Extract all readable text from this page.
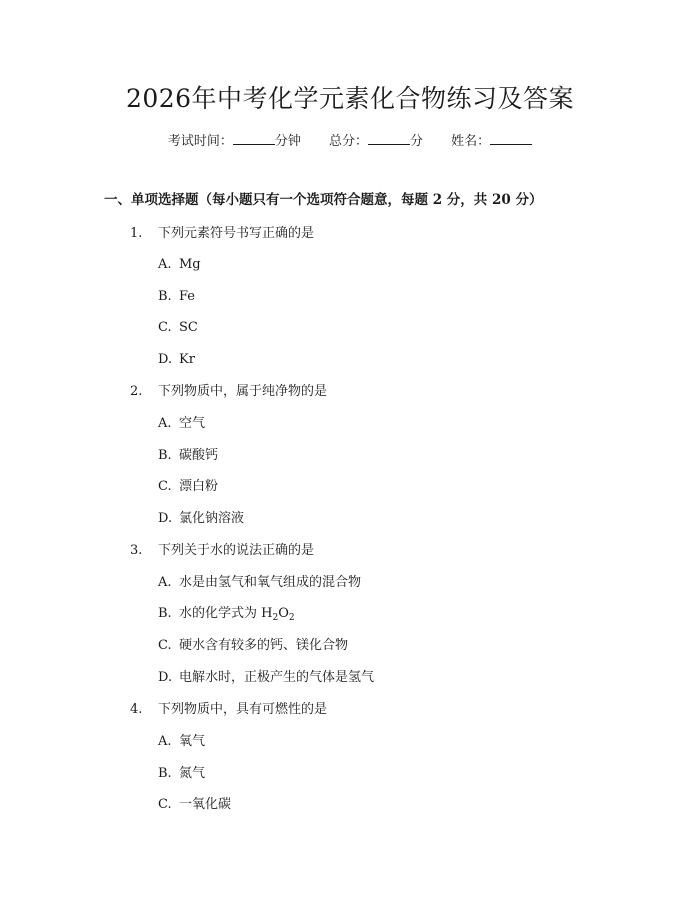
2026年中考化学元素化合物练习及答案
考试时间：	分钟 总分：	分 姓名：
一、单项选择题（每小题只有一个选项符合题意，每题 2 分，共 20 分）
1. 下列元素符号书写正确的是
A. Mg
B. Fe
C. SC
D. Kr
2. 下列物质中，属于纯净物的是
A. 空气
B. 碳酸钙
C. 漂白粉
D. 氯化钠溶液
3. 下列关于水的说法正确的是
A. 水是由氢气和氧气组成的混合物
B. 水的化学式为 $H_2O_2$
C. 硬水含有较多的钙、镁化合物
D. 电解水时，正极产生的气体是氢气
4. 下列物质中，具有可燃性的是
A. 氧气
B. 氮气
C. 一氧化碳
